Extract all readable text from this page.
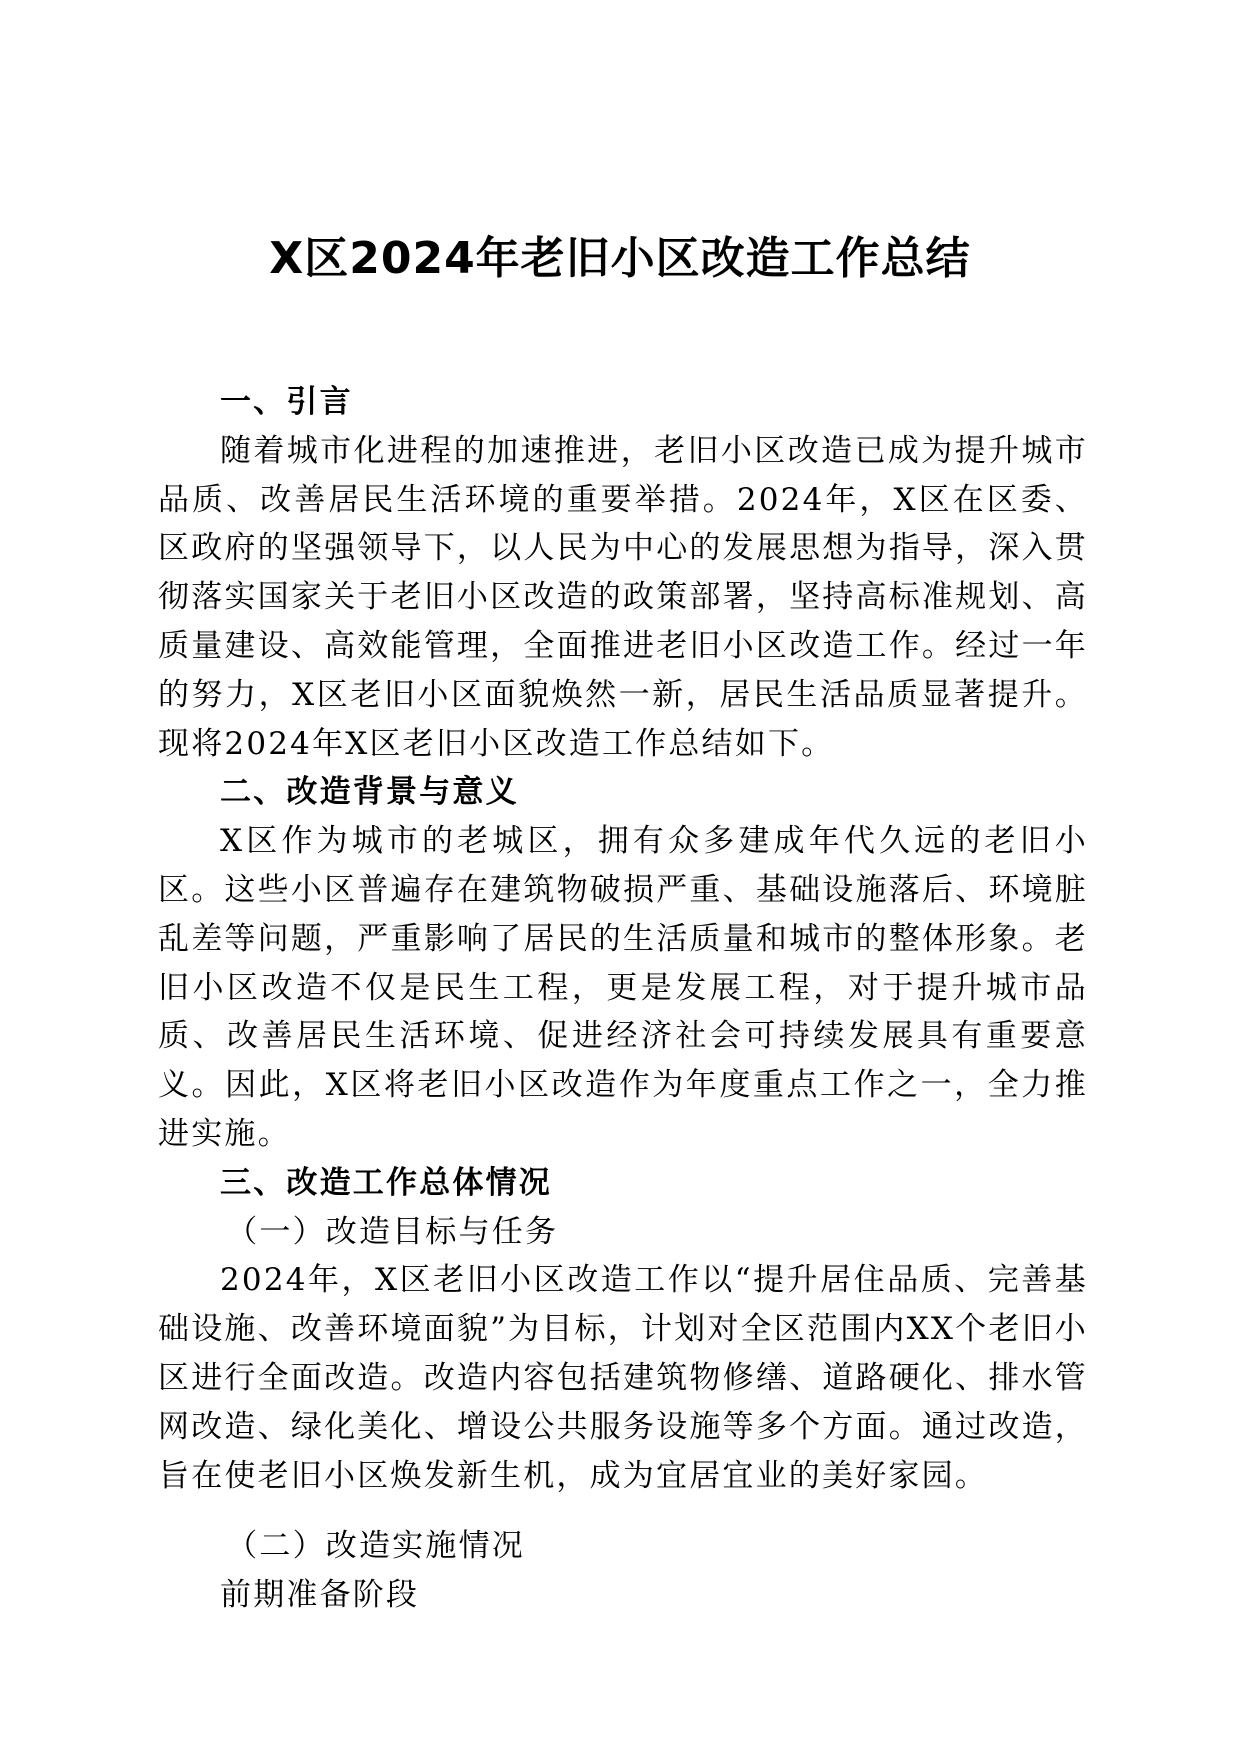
X区2024年老旧小区改造工作总结

一、引言

随着城市化进程的加速推进，老旧小区改造已成为提升城市品质、改善居民生活环境的重要举措。2024年，X区在区委、区政府的坚强领导下，以人民为中心的发展思想为指导，深入贯彻落实国家关于老旧小区改造的政策部署，坚持高标准规划、高质量建设、高效能管理，全面推进老旧小区改造工作。经过一年的努力，X区老旧小区面貌焕然一新，居民生活品质显著提升。现将2024年X区老旧小区改造工作总结如下。

二、改造背景与意义

X区作为城市的老城区，拥有众多建成年代久远的老旧小区。这些小区普遍存在建筑物破损严重、基础设施落后、环境脏乱差等问题，严重影响了居民的生活质量和城市的整体形象。老旧小区改造不仅是民生工程，更是发展工程，对于提升城市品质、改善居民生活环境、促进经济社会可持续发展具有重要意义。因此，X区将老旧小区改造作为年度重点工作之一，全力推进实施。

三、改造工作总体情况

（一）改造目标与任务

2024年，X区老旧小区改造工作以“提升居住品质、完善基础设施、改善环境面貌”为目标，计划对全区范围内XX个老旧小区进行全面改造。改造内容包括建筑物修缮、道路硬化、排水管网改造、绿化美化、增设公共服务设施等多个方面。通过改造，旨在使老旧小区焕发新生机，成为宜居宜业的美好家园。

（二）改造实施情况

前期准备阶段
